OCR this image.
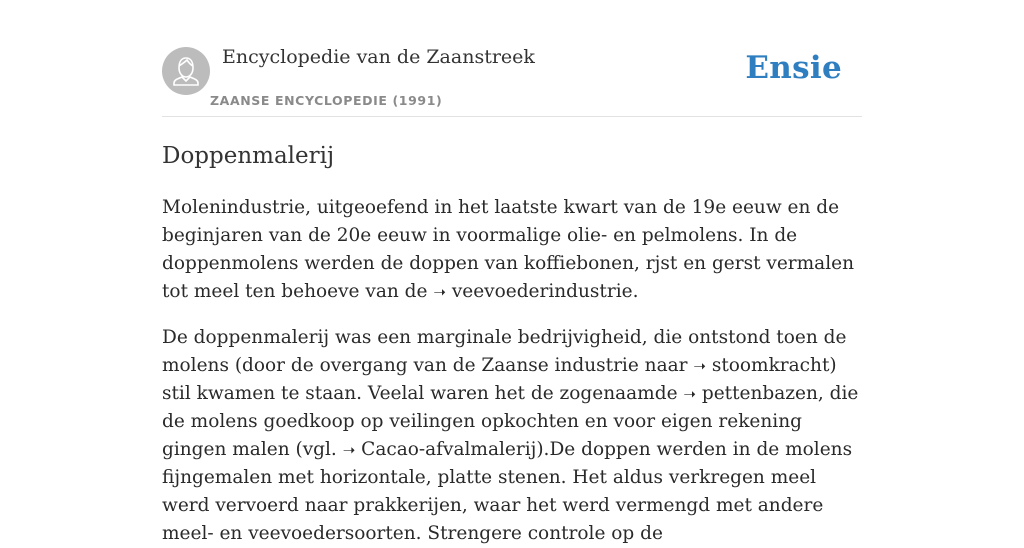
Encyclopedie van de Zaanstreek
ZAANSE ENCYCLOPEDIE (1991)
Ensie
Doppenmalerij

Molenindustrie, uitgeoefend in het laatste kwart van de 19e eeuw en de beginjaren van de 20e eeuw in voormalige olie- en pelmolens. In de doppenmolens werden de doppen van koffiebonen, rjst en gerst vermalen tot meel ten behoeve van de ➝ veevoederindustrie.

De doppenmalerij was een marginale bedrijvigheid, die ontstond toen de molens (door de overgang van de Zaanse industrie naar ➝ stoomkracht) stil kwamen te staan. Veelal waren het de zogenaamde ➝ pettenbazen, die de molens goedkoop op veilingen opkochten en voor eigen rekening gingen malen (vgl. ➝ Cacao-afvalmalerij).De doppen werden in de molens fijngemalen met horizontale, platte stenen. Het aldus verkregen meel werd vervoerd naar prakkerijen, waar het werd vermengd met andere meel- en veevoedersoorten. Strengere controle op de
